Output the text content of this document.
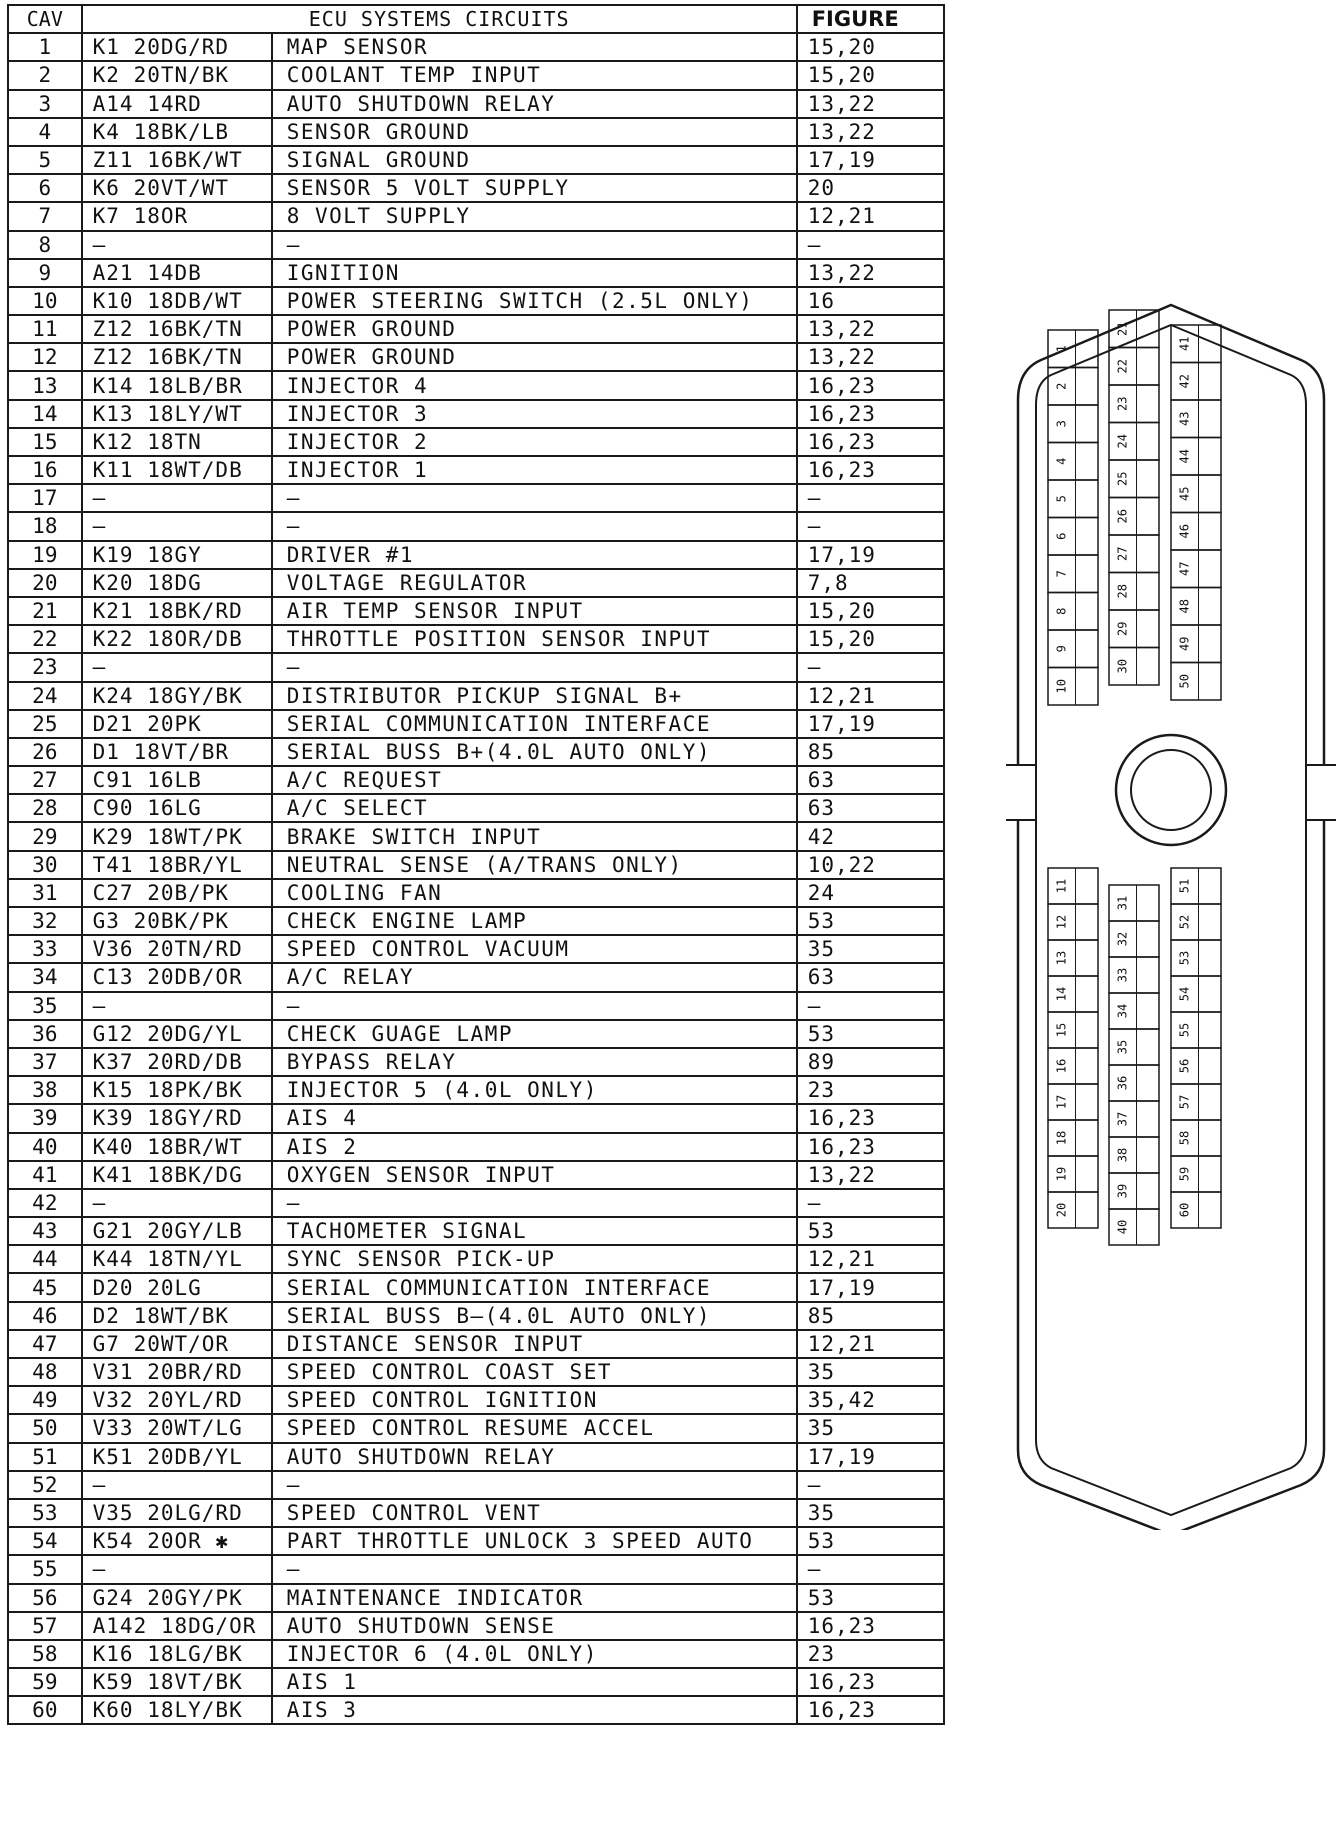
CAV	ECU SYSTEMS CIRCUITS		FIGURE
1	K1 20DG/RD	MAP SENSOR	15,20
2	K2 20TN/BK	COOLANT TEMP INPUT	15,20
3	A14 14RD	AUTO SHUTDOWN RELAY	13,22
4	K4 18BK/LB	SENSOR GROUND	13,22
5	Z11 16BK/WT	SIGNAL GROUND	17,19
6	K6 20VT/WT	SENSOR 5 VOLT SUPPLY	20
7	K7 18OR	8 VOLT SUPPLY	12,21
8	—	—	—
9	A21 14DB	IGNITION	13,22
10	K10 18DB/WT	POWER STEERING SWITCH (2.5L ONLY)	16
11	Z12 16BK/TN	POWER GROUND	13,22
12	Z12 16BK/TN	POWER GROUND	13,22
13	K14 18LB/BR	INJECTOR 4	16,23
14	K13 18LY/WT	INJECTOR 3	16,23
15	K12 18TN	INJECTOR 2	16,23
16	K11 18WT/DB	INJECTOR 1	16,23
17	—	—	—
18	—	—	—
19	K19 18GY	DRIVER #1	17,19
20	K20 18DG	VOLTAGE REGULATOR	7,8
21	K21 18BK/RD	AIR TEMP SENSOR INPUT	15,20
22	K22 18OR/DB	THROTTLE POSITION SENSOR INPUT	15,20
23	—	—	—
24	K24 18GY/BK	DISTRIBUTOR PICKUP SIGNAL B+	12,21
25	D21 20PK	SERIAL COMMUNICATION INTERFACE	17,19
26	D1 18VT/BR	SERIAL BUSS B+(4.0L AUTO ONLY)	85
27	C91 16LB	A/C REQUEST	63
28	C90 16LG	A/C SELECT	63
29	K29 18WT/PK	BRAKE SWITCH INPUT	42
30	T41 18BR/YL	NEUTRAL SENSE (A/TRANS ONLY)	10,22
31	C27 20B/PK	COOLING FAN	24
32	G3 20BK/PK	CHECK ENGINE LAMP	53
33	V36 20TN/RD	SPEED CONTROL VACUUM	35
34	C13 20DB/OR	A/C RELAY	63
35	—	—	—
36	G12 20DG/YL	CHECK GUAGE LAMP	53
37	K37 20RD/DB	BYPASS RELAY	89
38	K15 18PK/BK	INJECTOR 5 (4.0L ONLY)	23
39	K39 18GY/RD	AIS 4	16,23
40	K40 18BR/WT	AIS 2	16,23
41	K41 18BK/DG	OXYGEN SENSOR INPUT	13,22
42	—	—	—
43	G21 20GY/LB	TACHOMETER SIGNAL	53
44	K44 18TN/YL	SYNC SENSOR PICK-UP	12,21
45	D20 20LG	SERIAL COMMUNICATION INTERFACE	17,19
46	D2 18WT/BK	SERIAL BUSS B—(4.0L AUTO ONLY)	85
47	G7 20WT/OR	DISTANCE SENSOR INPUT	12,21
48	V31 20BR/RD	SPEED CONTROL COAST SET	35
49	V32 20YL/RD	SPEED CONTROL IGNITION	35,42
50	V33 20WT/LG	SPEED CONTROL RESUME ACCEL	35
51	K51 20DB/YL	AUTO SHUTDOWN RELAY	17,19
52	—	—	—
53	V35 20LG/RD	SPEED CONTROL VENT	35
54	K54 20OR ✱	PART THROTTLE UNLOCK 3 SPEED AUTO	53
55	—	—	—
56	G24 20GY/PK	MAINTENANCE INDICATOR	53
57	A142 18DG/OR	AUTO SHUTDOWN SENSE	16,23
58	K16 18LG/BK	INJECTOR 6 (4.0L ONLY)	23
59	K59 18VT/BK	AIS 1	16,23
60	K60 18LY/BK	AIS 3	16,23
1
2
3
4
5
6
7
8
9
10
21
22
23
24
25
26
27
28
29
30
41
42
43
44
45
46
47
48
49
50
11
12
13
14
15
16
17
18
19
20
31
32
33
34
35
36
37
38
39
40
51
52
53
54
55
56
57
58
59
60
